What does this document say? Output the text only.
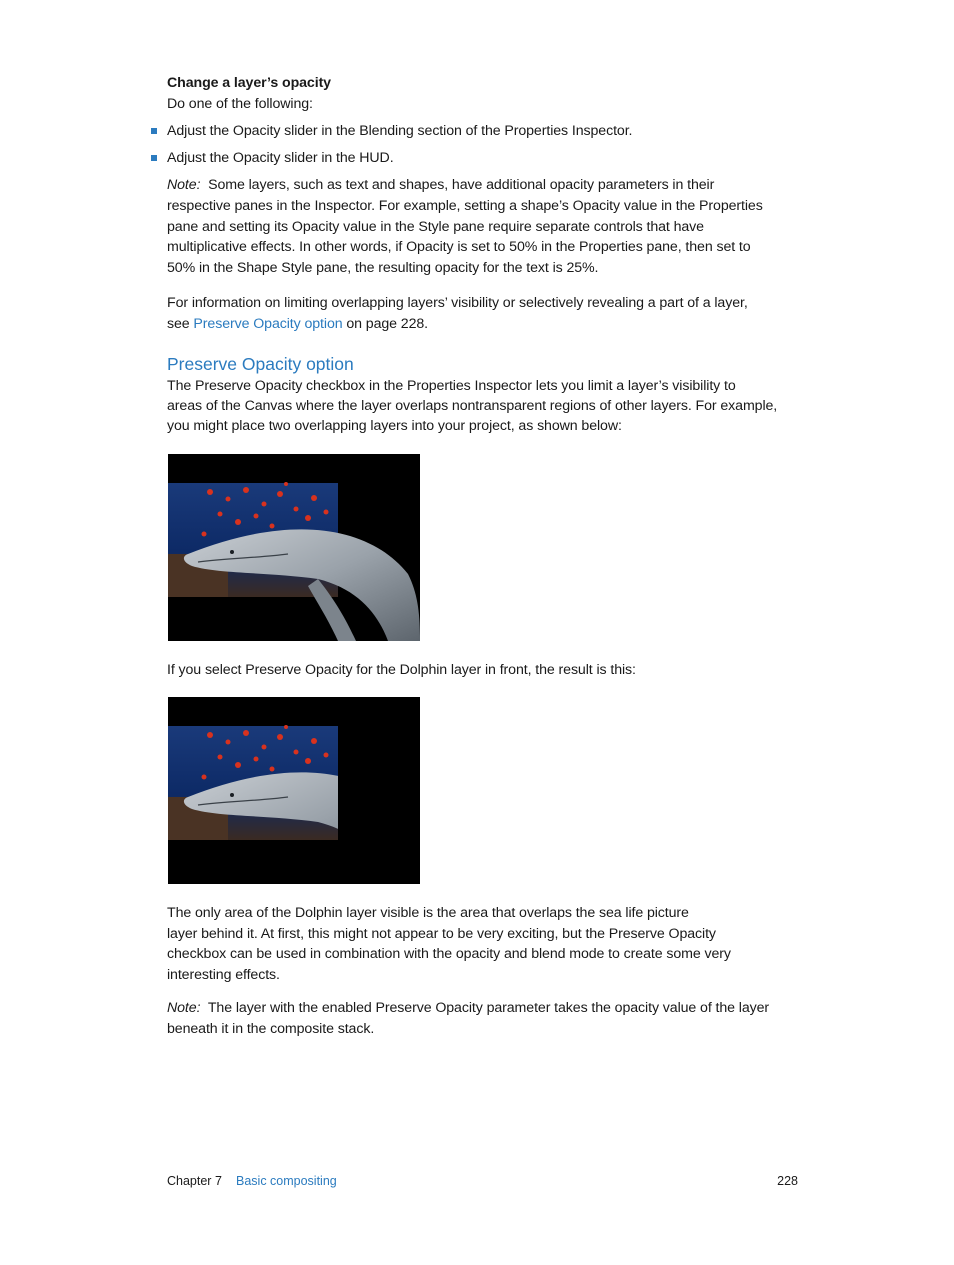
Change a layer’s opacity
Do one of the following:
Adjust the Opacity slider in the Blending section of the Properties Inspector.
Adjust the Opacity slider in the HUD.
Note: Some layers, such as text and shapes, have additional opacity parameters in their
respective panes in the Inspector. For example, setting a shape’s Opacity value in the Properties
pane and setting its Opacity value in the Style pane require separate controls that have
multiplicative effects. In other words, if Opacity is set to 50% in the Properties pane, then set to
50% in the Shape Style pane, the resulting opacity for the text is 25%.
For information on limiting overlapping layers’ visibility or selectively revealing a part of a layer,
see Preserve Opacity option on page 228.
Preserve Opacity option
The Preserve Opacity checkbox in the Properties Inspector lets you limit a layer’s visibility to
areas of the Canvas where the layer overlaps nontransparent regions of other layers. For example,
you might place two overlapping layers into your project, as shown below:
If you select Preserve Opacity for the Dolphin layer in front, the result is this:
The only area of the Dolphin layer visible is the area that overlaps the sea life picture
layer behind it. At first, this might not appear to be very exciting, but the Preserve Opacity
checkbox can be used in combination with the opacity and blend mode to create some very
interesting effects.
Note: The layer with the enabled Preserve Opacity parameter takes the opacity value of the layer
beneath it in the composite stack.
Chapter 7 Basic compositing	228
